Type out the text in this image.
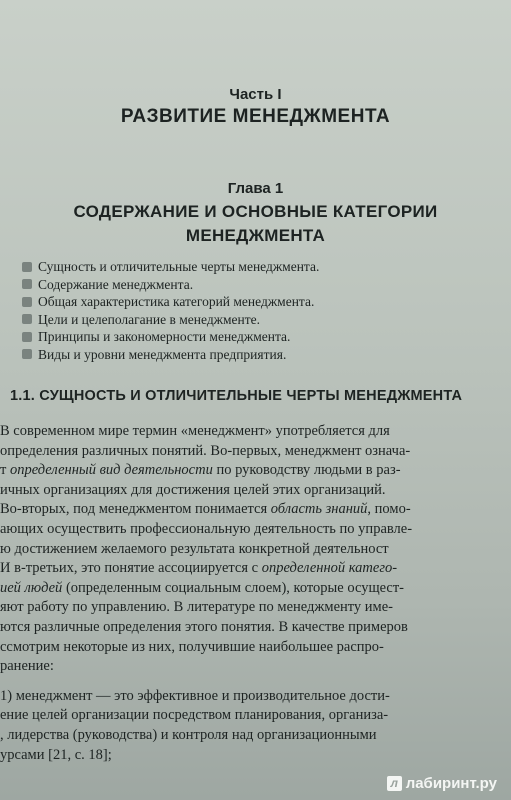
Часть I
РАЗВИТИЕ МЕНЕДЖМЕНТА
Глава 1
СОДЕРЖАНИЕ И ОСНОВНЫЕ КАТЕГОРИИ
МЕНЕДЖМЕНТА
Сущность и отличительные черты менеджмента.
Содержание менеджмента.
Общая характеристика категорий менеджмента.
Цели и целеполагание в менеджменте.
Принципы и закономерности менеджмента.
Виды и уровни менеджмента предприятия.
1.1. СУЩНОСТЬ И ОТЛИЧИТЕЛЬНЫЕ ЧЕРТЫ МЕНЕДЖМЕНТА
В современном мире термин «менеджмент» употребляется для
определения различных понятий. Во-первых, менеджмент означа-
т определенный вид деятельности по руководству людьми в раз-
ичных организациях для достижения целей этих организаций.
Во-вторых, под менеджментом понимается область знаний, помо-
ающих осуществить профессиональную деятельность по управле-
ю достижением желаемого результата конкретной деятельност
И в-третьих, это понятие ассоциируется с определенной катего-
ией людей (определенным социальным слоем), которые осущест-
яют работу по управлению. В литературе по менеджменту име-
ются различные определения этого понятия. В качестве примеров
ссмотрим некоторые из них, получившие наибольшее распро-
ранение:
1) менеджмент — это эффективное и производительное дости-
ение целей организации посредством планирования, организа-
, лидерства (руководства) и контроля над организационными
урсами [21, с. 18];
л лабиринт.ру
